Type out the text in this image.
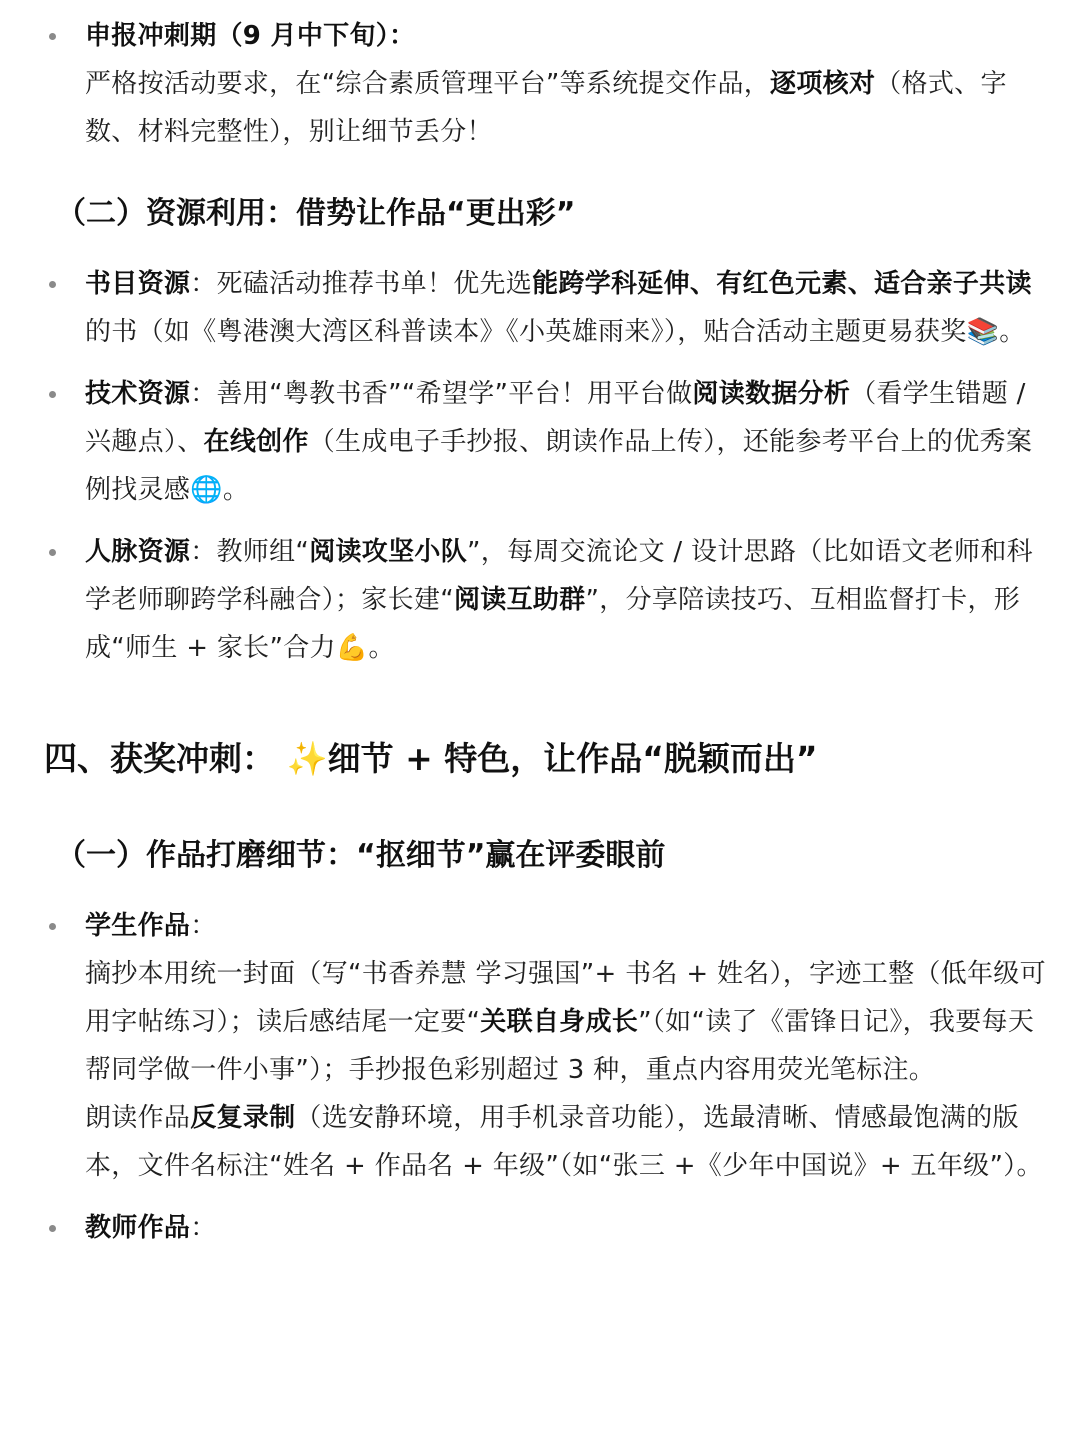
申报冲刺期（9 月中下旬）：

严格按活动要求，在“综合素质管理平台”等系统提交作品，逐项核对（格式、字数、材料完整性），别让细节丢分！

（二）资源利用：借势让作品“更出彩”

书目资源：死磕活动推荐书单！优先选能跨学科延伸、有红色元素、适合亲子共读的书（如《粤港澳大湾区科普读本》《小英雄雨来》），贴合活动主题更易获奖📚。

技术资源：善用“粤教书香”“希望学”平台！用平台做阅读数据分析（看学生错题 / 兴趣点）、在线创作（生成电子手抄报、朗读作品上传），还能参考平台上的优秀案例找灵感🌐。

人脉资源：教师组“阅读攻坚小队”，每周交流论文 / 设计思路（比如语文老师和科学老师聊跨学科融合）；家长建“阅读互助群”，分享陪读技巧、互相监督打卡，形成“师生 + 家长”合力💪。

四、获奖冲刺： ✨细节 + 特色，让作品“脱颖而出”
（一）作品打磨细节：“抠细节”赢在评委眼前

学生作品：

摘抄本用统一封面（写“书香养慧 学习强国”+ 书名 + 姓名），字迹工整（低年级可用字帖练习）；读后感结尾一定要“关联自身成长”（如“读了《雷锋日记》，我要每天帮同学做一件小事”）；手抄报色彩别超过 3 种，重点内容用荧光笔标注。

朗读作品反复录制（选安静环境，用手机录音功能），选最清晰、情感最饱满的版本，文件名标注“姓名 + 作品名 + 年级”（如“张三 +《少年中国说》+ 五年级”）。

教师作品：
